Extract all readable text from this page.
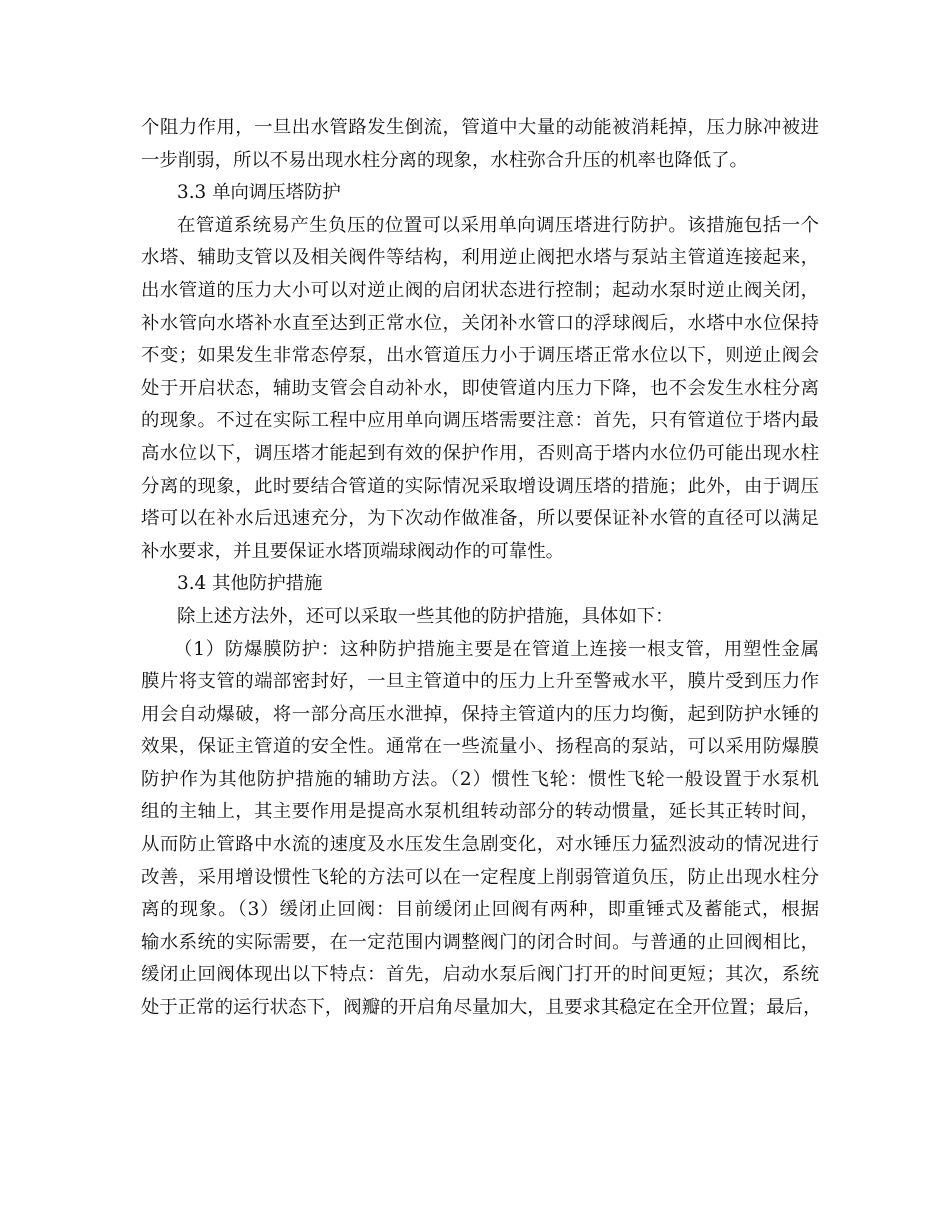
个阻力作用，一旦出水管路发生倒流，管道中大量的动能被消耗掉，压力脉冲被进
一步削弱，所以不易出现水柱分离的现象，水柱弥合升压的机率也降低了。
3.3 单向调压塔防护
在管道系统易产生负压的位置可以采用单向调压塔进行防护。该措施包括一个
水塔、辅助支管以及相关阀件等结构，利用逆止阀把水塔与泵站主管道连接起来，
出水管道的压力大小可以对逆止阀的启闭状态进行控制；起动水泵时逆止阀关闭，
补水管向水塔补水直至达到正常水位，关闭补水管口的浮球阀后，水塔中水位保持
不变；如果发生非常态停泵，出水管道压力小于调压塔正常水位以下，则逆止阀会
处于开启状态，辅助支管会自动补水，即使管道内压力下降，也不会发生水柱分离
的现象。不过在实际工程中应用单向调压塔需要注意：首先，只有管道位于塔内最
高水位以下，调压塔才能起到有效的保护作用，否则高于塔内水位仍可能出现水柱
分离的现象，此时要结合管道的实际情况采取增设调压塔的措施；此外，由于调压
塔可以在补水后迅速充分，为下次动作做准备，所以要保证补水管的直径可以满足
补水要求，并且要保证水塔顶端球阀动作的可靠性。
3.4 其他防护措施
除上述方法外，还可以采取一些其他的防护措施，具体如下：
（1）防爆膜防护：这种防护措施主要是在管道上连接一根支管，用塑性金属
膜片将支管的端部密封好，一旦主管道中的压力上升至警戒水平，膜片受到压力作
用会自动爆破，将一部分高压水泄掉，保持主管道内的压力均衡，起到防护水锤的
效果，保证主管道的安全性。通常在一些流量小、扬程高的泵站，可以采用防爆膜
防护作为其他防护措施的辅助方法。（2）惯性飞轮：惯性飞轮一般设置于水泵机
组的主轴上，其主要作用是提高水泵机组转动部分的转动惯量，延长其正转时间，
从而防止管路中水流的速度及水压发生急剧变化，对水锤压力猛烈波动的情况进行
改善，采用增设惯性飞轮的方法可以在一定程度上削弱管道负压，防止出现水柱分
离的现象。（3）缓闭止回阀：目前缓闭止回阀有两种，即重锤式及蓄能式，根据
输水系统的实际需要，在一定范围内调整阀门的闭合时间。与普通的止回阀相比，
缓闭止回阀体现出以下特点：首先，启动水泵后阀门打开的时间更短；其次，系统
处于正常的运行状态下，阀瓣的开启角尽量加大，且要求其稳定在全开位置；最后，
